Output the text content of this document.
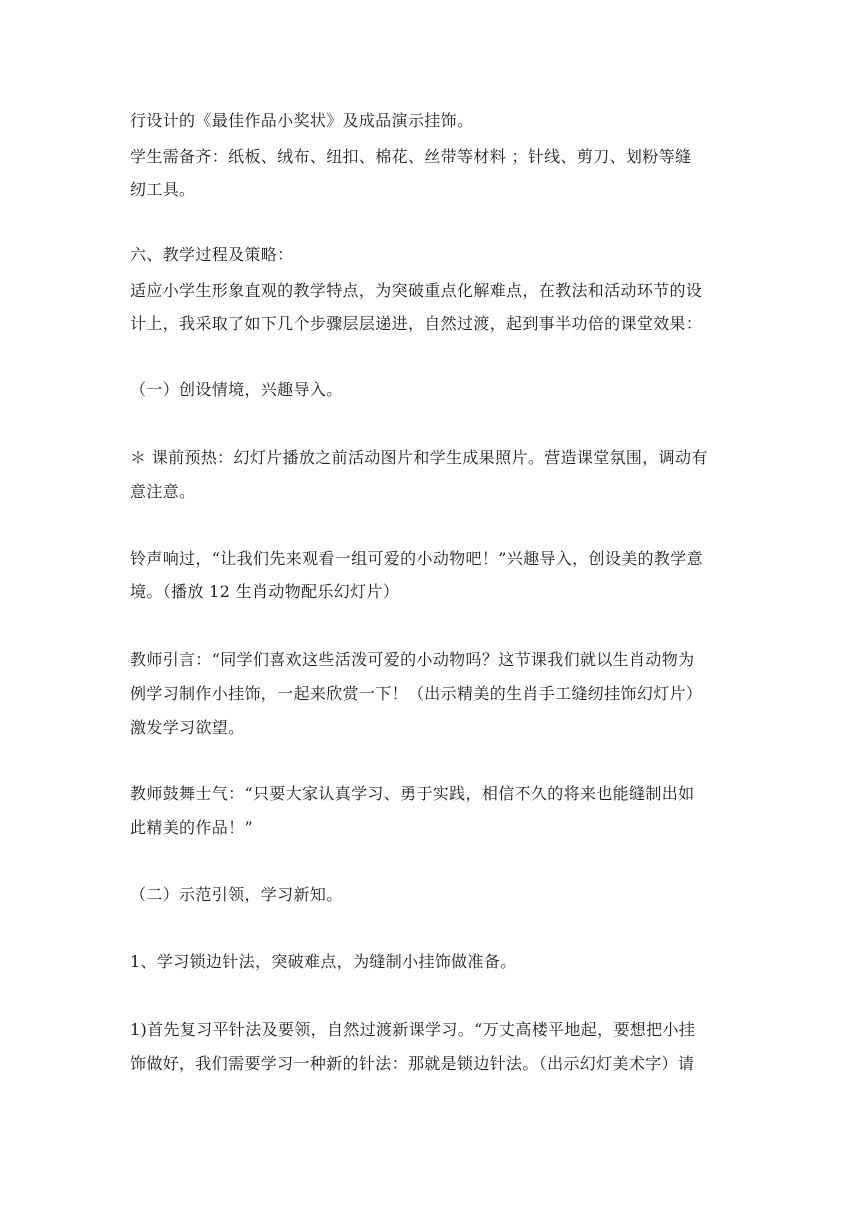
行设计的《最佳作品小奖状》及成品演示挂饰。

学生需备齐：纸板、绒布、纽扣、棉花、丝带等材料 ；针线、剪刀、划粉等缝

纫工具。

六、教学过程及策略：

适应小学生形象直观的教学特点，为突破重点化解难点，在教法和活动环节的设

计上，我采取了如下几个步骤层层递进，自然过渡，起到事半功倍的课堂效果：

（一）创设情境，兴趣导入。

＊ 课前预热：幻灯片播放之前活动图片和学生成果照片。营造课堂氛围，调动有

意注意。

铃声响过，“让我们先来观看一组可爱的小动物吧！”兴趣导入，创设美的教学意

境。（播放 12 生肖动物配乐幻灯片）

教师引言：“同学们喜欢这些活泼可爱的小动物吗？这节课我们就以生肖动物为

例学习制作小挂饰，一起来欣赏一下！（出示精美的生肖手工缝纫挂饰幻灯片）

激发学习欲望。

教师鼓舞士气：“只要大家认真学习、勇于实践，相信不久的将来也能缝制出如

此精美的作品！”

（二）示范引领，学习新知。

1、学习锁边针法，突破难点，为缝制小挂饰做准备。

1)首先复习平针法及要领，自然过渡新课学习。“万丈高楼平地起，要想把小挂

饰做好，我们需要学习一种新的针法：那就是锁边针法。（出示幻灯美术字）请
